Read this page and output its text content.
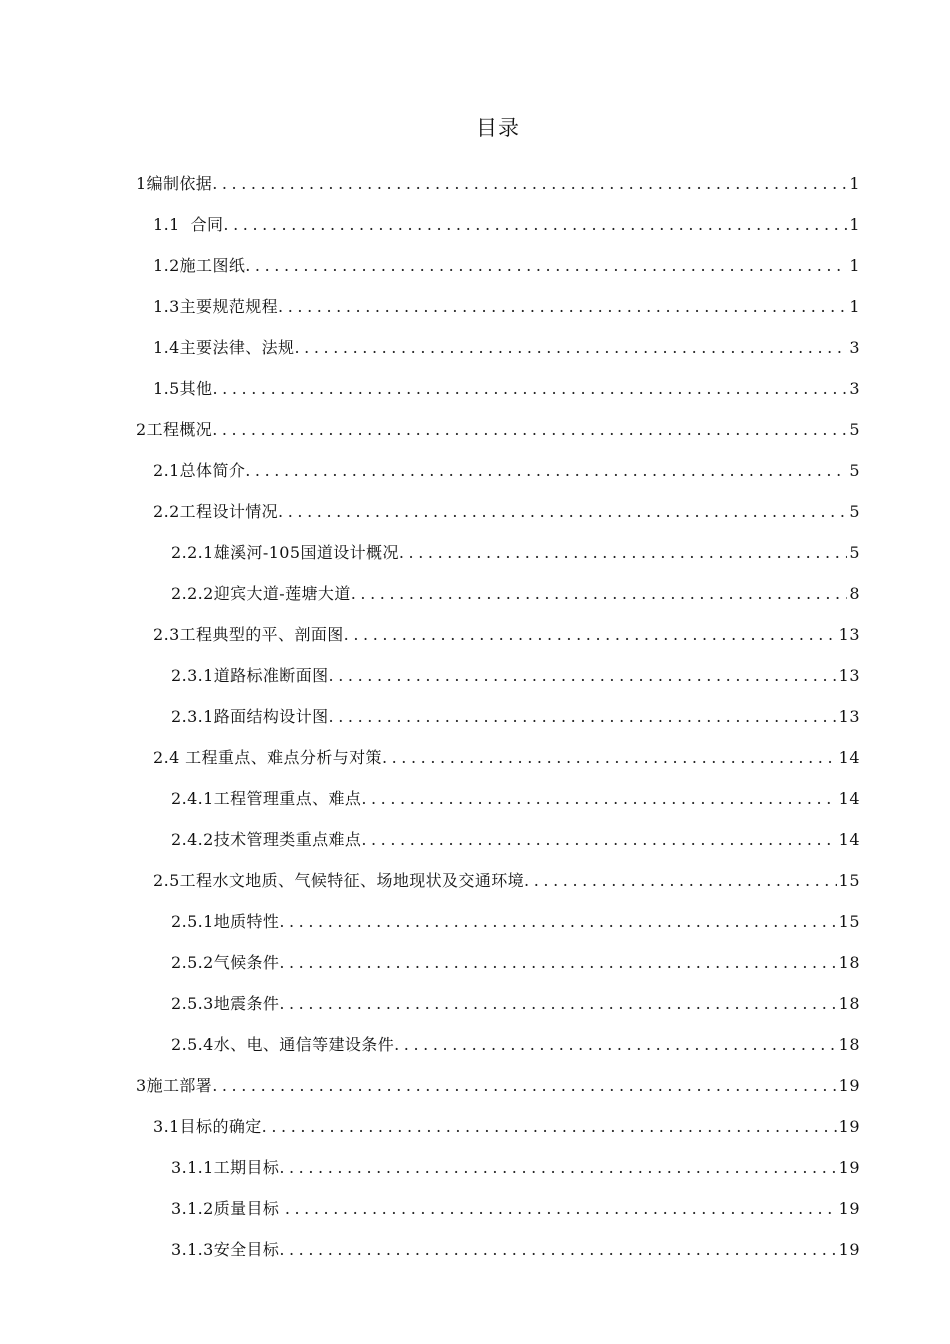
目录
1编制依据 .....	1
1.1  合同 .....	1
1.2施工图纸 .....	1
1.3主要规范规程 .....	1
1.4主要法律、法规 .....	3
1.5其他 .....	3
2工程概况 .....	5
2.1总体简介 .....	5
2.2工程设计情况 .....	5
2.2.1雄溪河-105国道设计概况 .....	5
2.2.2迎宾大道-莲塘大道 .....	8
2.3工程典型的平、剖面图 .....	13
2.3.1道路标准断面图 .....	13
2.3.1路面结构设计图 .....	13
2.4 工程重点、难点分析与对策 .....	14
2.4.1工程管理重点、难点 .....	14
2.4.2技术管理类重点难点 .....	14
2.5工程水文地质、气候特征、场地现状及交通环境 .....	15
2.5.1地质特性 .....	15
2.5.2气候条件 .....	18
2.5.3地震条件 .....	18
2.5.4水、电、通信等建设条件 .....	18
3施工部署 .....	19
3.1目标的确定 .....	19
3.1.1工期目标 .....	19
3.1.2质量目标 .....	19
3.1.3安全目标 .....	19
